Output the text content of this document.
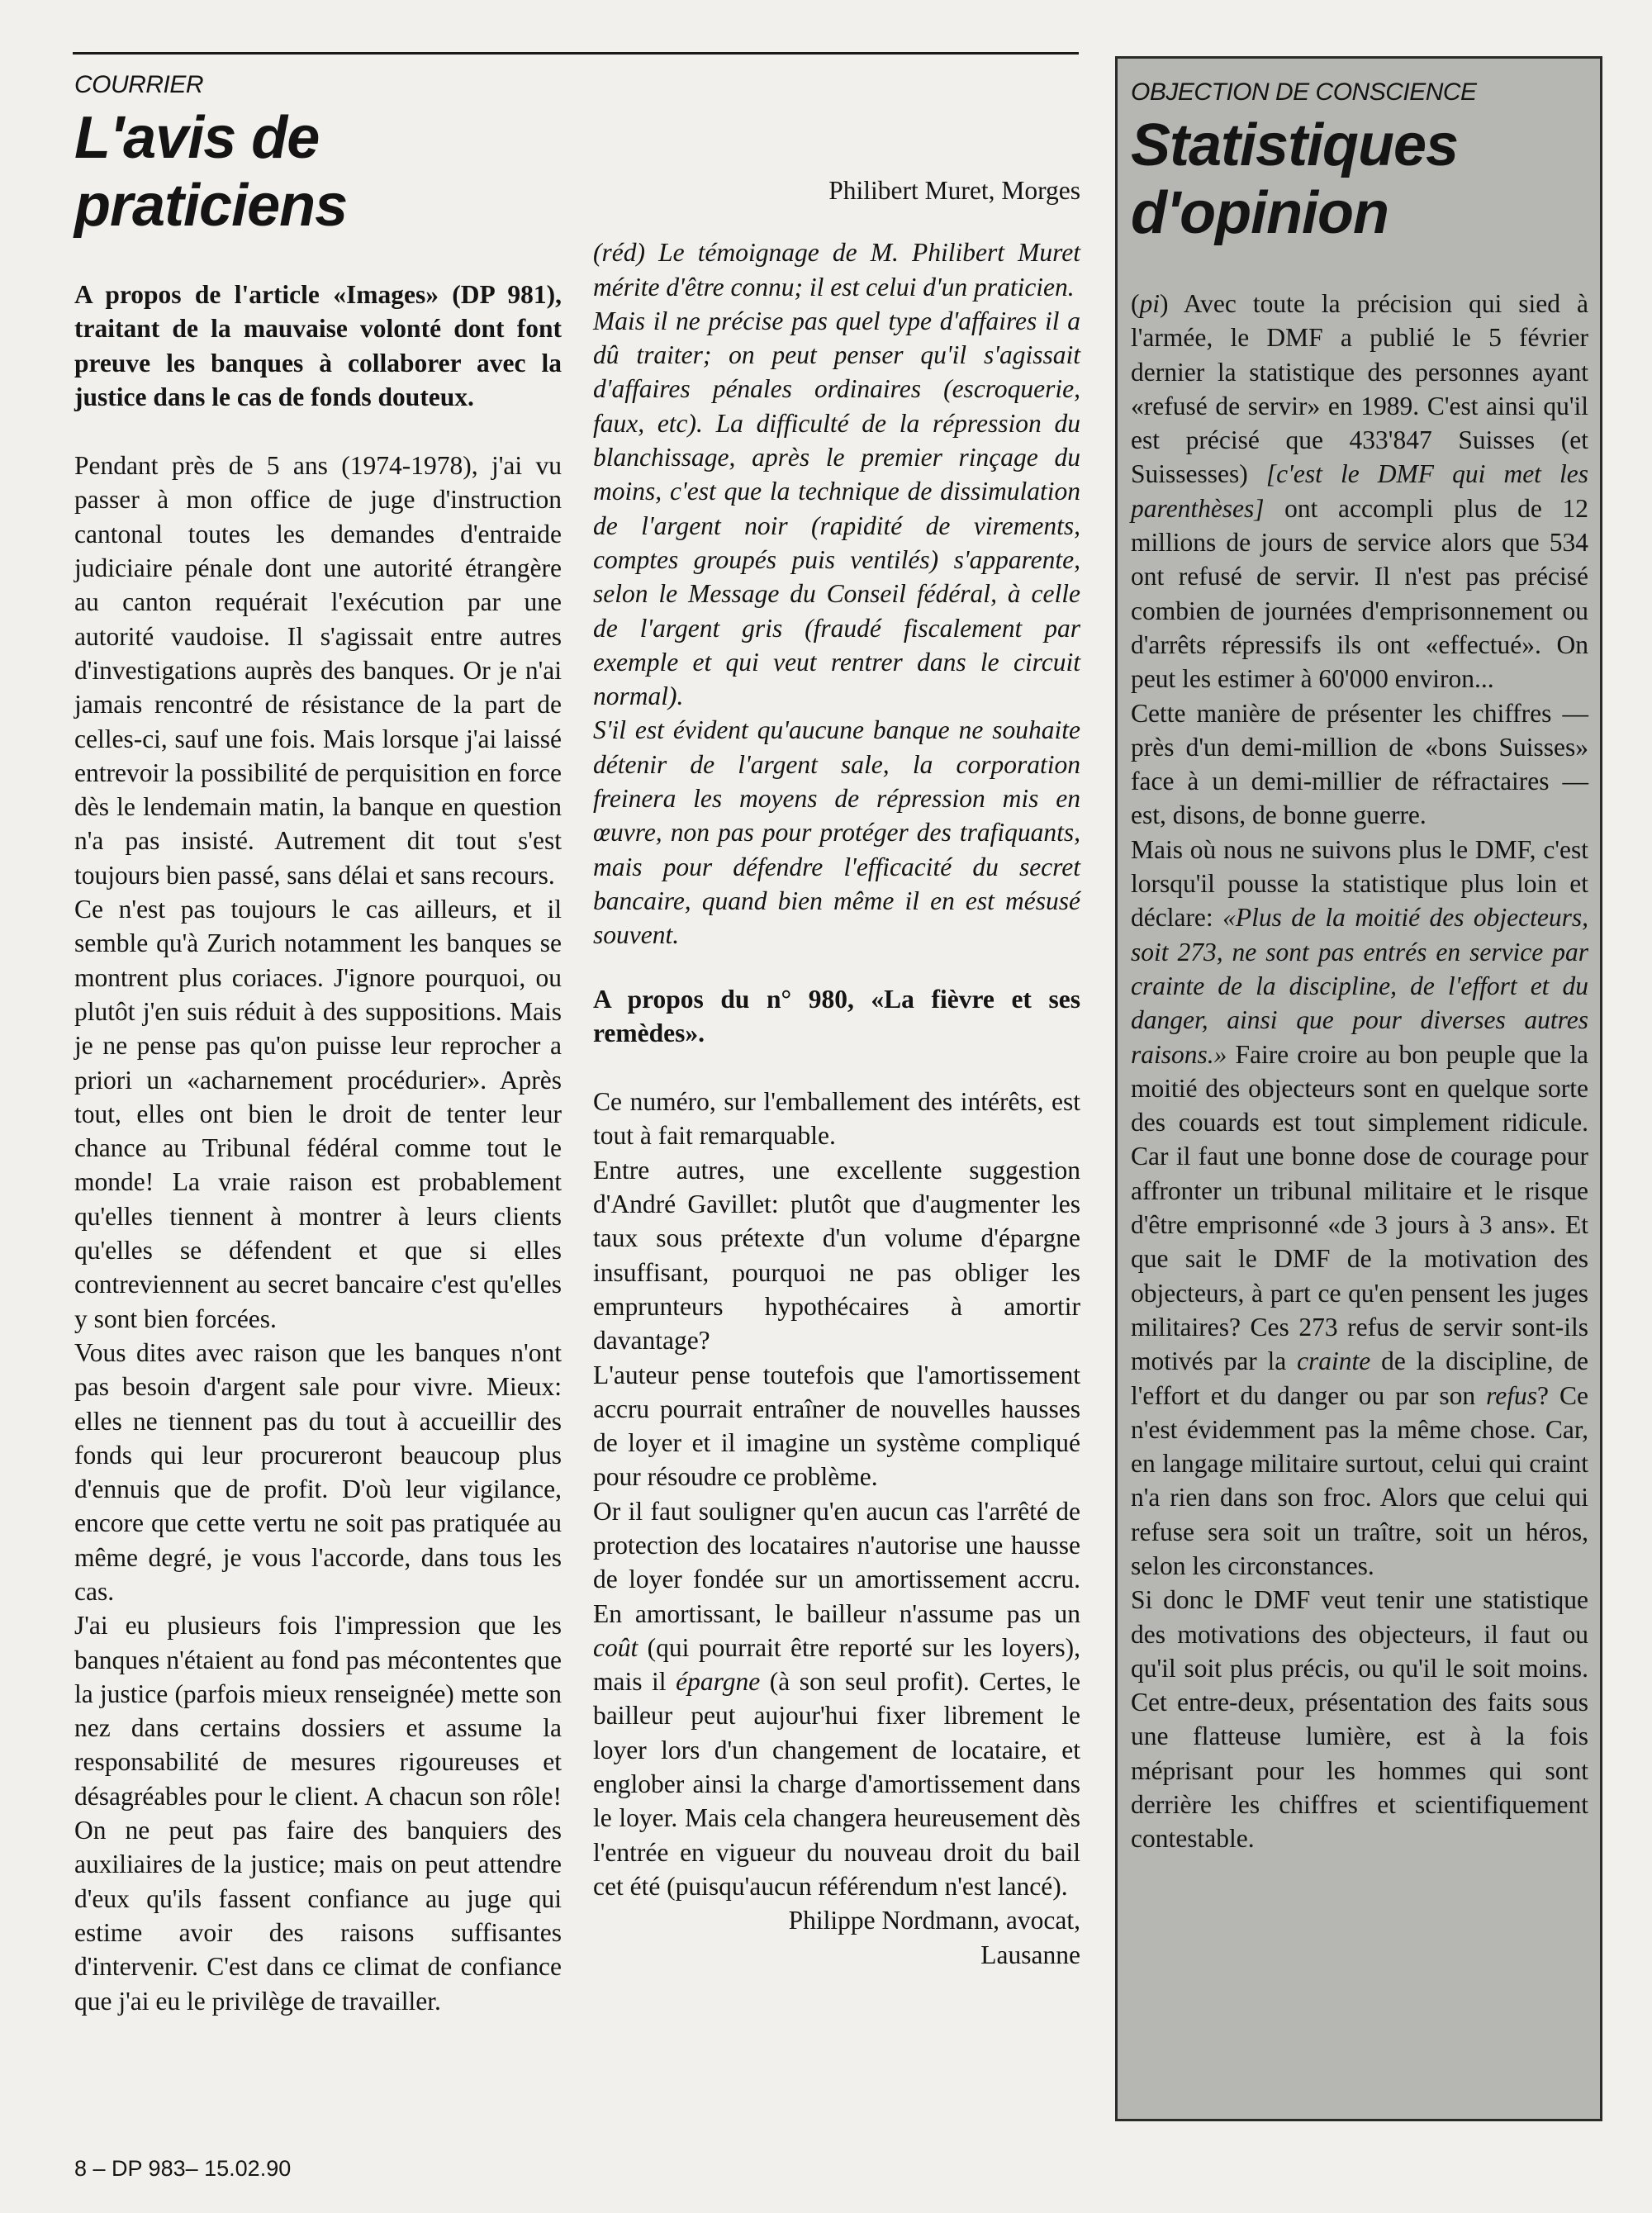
COURRIER

L'avis de praticiens

A propos de l'article «Images» (DP 981), traitant de la mauvaise volonté dont font preuve les banques à collaborer avec la justice dans le cas de fonds douteux.

Pendant près de 5 ans (1974-1978), j'ai vu passer à mon office de juge d'instruction cantonal toutes les demandes d'entraide judiciaire pénale dont une autorité étrangère au canton requérait l'exécution par une autorité vaudoise. Il s'agissait entre autres d'investigations auprès des banques. Or je n'ai jamais rencontré de résistance de la part de celles-ci, sauf une fois. Mais lorsque j'ai laissé entrevoir la possibilité de perquisition en force dès le lendemain matin, la banque en question n'a pas insisté. Autrement dit tout s'est toujours bien passé, sans délai et sans recours.

Ce n'est pas toujours le cas ailleurs, et il semble qu'à Zurich notamment les banques se montrent plus coriaces. J'ignore pourquoi, ou plutôt j'en suis réduit à des suppositions. Mais je ne pense pas qu'on puisse leur reprocher a priori un «acharnement procédurier». Après tout, elles ont bien le droit de tenter leur chance au Tribunal fédéral comme tout le monde! La vraie raison est probablement qu'elles tiennent à montrer à leurs clients qu'elles se défendent et que si elles contreviennent au secret bancaire c'est qu'elles y sont bien forcées.

Vous dites avec raison que les banques n'ont pas besoin d'argent sale pour vivre. Mieux: elles ne tiennent pas du tout à accueillir des fonds qui leur procureront beaucoup plus d'ennuis que de profit. D'où leur vigilance, encore que cette vertu ne soit pas pratiquée au même degré, je vous l'accorde, dans tous les cas.

J'ai eu plusieurs fois l'impression que les banques n'étaient au fond pas mécontentes que la justice (parfois mieux renseignée) mette son nez dans certains dossiers et assume la responsabilité de mesures rigoureuses et désagréables pour le client. A chacun son rôle! On ne peut pas faire des banquiers des auxiliaires de la justice; mais on peut attendre d'eux qu'ils fassent confiance au juge qui estime avoir des raisons suffisantes d'intervenir. C'est dans ce climat de confiance que j'ai eu le privilège de travailler.

Philibert Muret, Morges

(réd) Le témoignage de M. Philibert Muret mérite d'être connu; il est celui d'un praticien.

Mais il ne précise pas quel type d'affaires il a dû traiter; on peut penser qu'il s'agissait d'affaires pénales ordinaires (escroquerie, faux, etc). La difficulté de la répression du blanchissage, après le premier rinçage du moins, c'est que la technique de dissimulation de l'argent noir (rapidité de virements, comptes groupés puis ventilés) s'apparente, selon le Message du Conseil fédéral, à celle de l'argent gris (fraudé fiscalement par exemple et qui veut rentrer dans le circuit normal).

S'il est évident qu'aucune banque ne souhaite détenir de l'argent sale, la corporation freinera les moyens de répression mis en œuvre, non pas pour protéger des trafiquants, mais pour défendre l'efficacité du secret bancaire, quand bien même il en est mésusé souvent.

A propos du n° 980, «La fièvre et ses remèdes».

Ce numéro, sur l'emballement des intérêts, est tout à fait remarquable.

Entre autres, une excellente suggestion d'André Gavillet: plutôt que d'augmenter les taux sous prétexte d'un volume d'épargne insuffisant, pourquoi ne pas obliger les emprunteurs hypothécaires à amortir davantage?

L'auteur pense toutefois que l'amortissement accru pourrait entraîner de nouvelles hausses de loyer et il imagine un système compliqué pour résoudre ce problème.

Or il faut souligner qu'en aucun cas l'arrêté de protection des locataires n'autorise une hausse de loyer fondée sur un amortissement accru. En amortissant, le bailleur n'assume pas un coût (qui pourrait être reporté sur les loyers), mais il épargne (à son seul profit). Certes, le bailleur peut aujour'hui fixer librement le loyer lors d'un changement de locataire, et englober ainsi la charge d'amortissement dans le loyer. Mais cela changera heureusement dès l'entrée en vigueur du nouveau droit du bail cet été (puisqu'aucun référendum n'est lancé).

Philippe Nordmann, avocat,

Lausanne

OBJECTION DE CONSCIENCE

Statistiques d'opinion

(pi) Avec toute la précision qui sied à l'armée, le DMF a publié le 5 février dernier la statistique des personnes ayant «refusé de servir» en 1989. C'est ainsi qu'il est précisé que 433'847 Suisses (et Suissesses) [c'est le DMF qui met les parenthèses] ont accompli plus de 12 millions de jours de service alors que 534 ont refusé de servir. Il n'est pas précisé combien de journées d'emprisonnement ou d'arrêts répressifs ils ont «effectué». On peut les estimer à 60'000 environ...

Cette manière de présenter les chiffres — près d'un demi-million de «bons Suisses» face à un demi-millier de réfractaires — est, disons, de bonne guerre.

Mais où nous ne suivons plus le DMF, c'est lorsqu'il pousse la statistique plus loin et déclare: «Plus de la moitié des objecteurs, soit 273, ne sont pas entrés en service par crainte de la discipline, de l'effort et du danger, ainsi que pour diverses autres raisons.» Faire croire au bon peuple que la moitié des objecteurs sont en quelque sorte des couards est tout simplement ridicule. Car il faut une bonne dose de courage pour affronter un tribunal militaire et le risque d'être emprisonné «de 3 jours à 3 ans». Et que sait le DMF de la motivation des objecteurs, à part ce qu'en pensent les juges militaires? Ces 273 refus de servir sont-ils motivés par la crainte de la discipline, de l'effort et du danger ou par son refus? Ce n'est évidemment pas la même chose. Car, en langage militaire surtout, celui qui craint n'a rien dans son froc. Alors que celui qui refuse sera soit un traître, soit un héros, selon les circonstances.

Si donc le DMF veut tenir une statistique des motivations des objecteurs, il faut ou qu'il soit plus précis, ou qu'il le soit moins. Cet entre-deux, présentation des faits sous une flatteuse lumière, est à la fois méprisant pour les hommes qui sont derrière les chiffres et scientifiquement contestable.

8 – DP 983– 15.02.90
